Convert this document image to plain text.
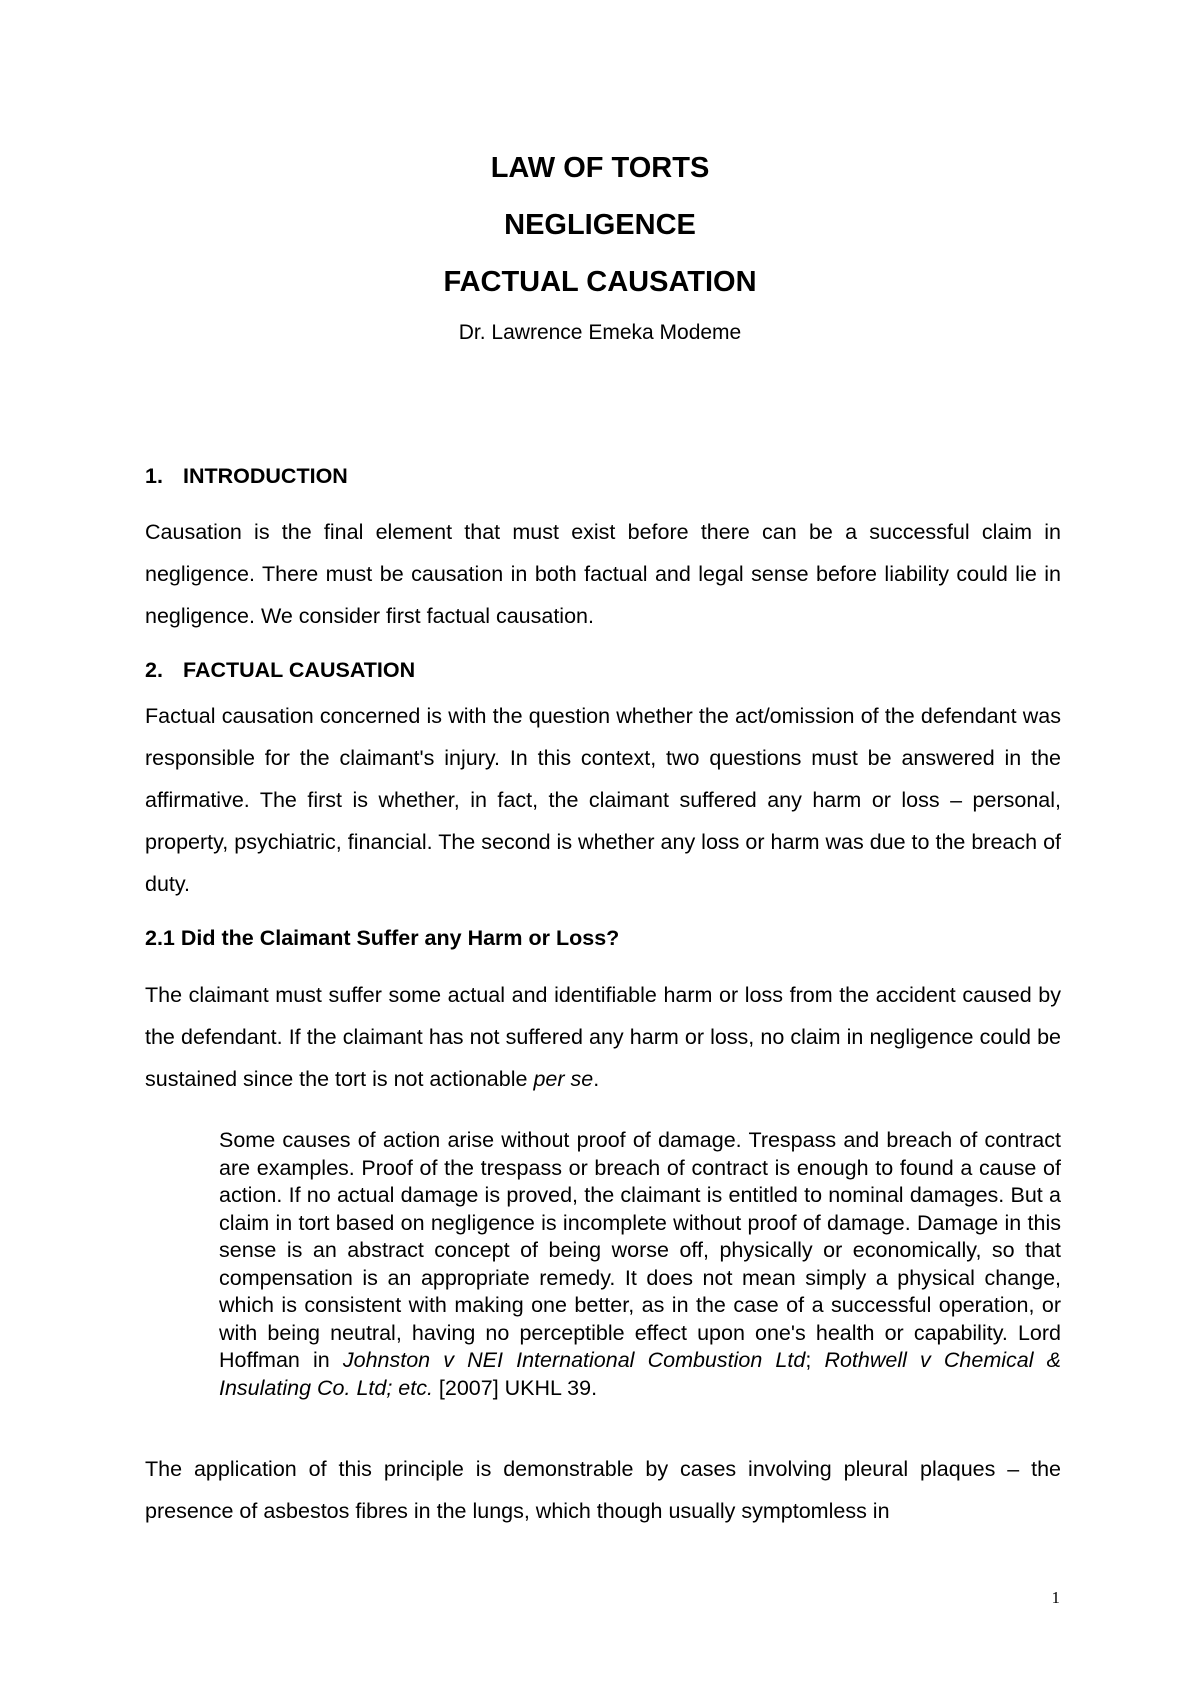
LAW OF TORTS

NEGLIGENCE

FACTUAL CAUSATION

Dr. Lawrence Emeka Modeme

1. INTRODUCTION

Causation is the final element that must exist before there can be a successful claim in negligence. There must be causation in both factual and legal sense before liability could lie in negligence. We consider first factual causation.

2. FACTUAL CAUSATION

Factual causation concerned is with the question whether the act/omission of the defendant was responsible for the claimant's injury. In this context, two questions must be answered in the affirmative. The first is whether, in fact, the claimant suffered any harm or loss – personal, property, psychiatric, financial. The second is whether any loss or harm was due to the breach of duty.

2.1 Did the Claimant Suffer any Harm or Loss?

The claimant must suffer some actual and identifiable harm or loss from the accident caused by the defendant. If the claimant has not suffered any harm or loss, no claim in negligence could be sustained since the tort is not actionable per se.

Some causes of action arise without proof of damage. Trespass and breach of contract are examples. Proof of the trespass or breach of contract is enough to found a cause of action. If no actual damage is proved, the claimant is entitled to nominal damages. But a claim in tort based on negligence is incomplete without proof of damage. Damage in this sense is an abstract concept of being worse off, physically or economically, so that compensation is an appropriate remedy. It does not mean simply a physical change, which is consistent with making one better, as in the case of a successful operation, or with being neutral, having no perceptible effect upon one's health or capability. Lord Hoffman in Johnston v NEI International Combustion Ltd; Rothwell v Chemical & Insulating Co. Ltd; etc. [2007] UKHL 39.

The application of this principle is demonstrable by cases involving pleural plaques – the presence of asbestos fibres in the lungs, which though usually symptomless in

1
